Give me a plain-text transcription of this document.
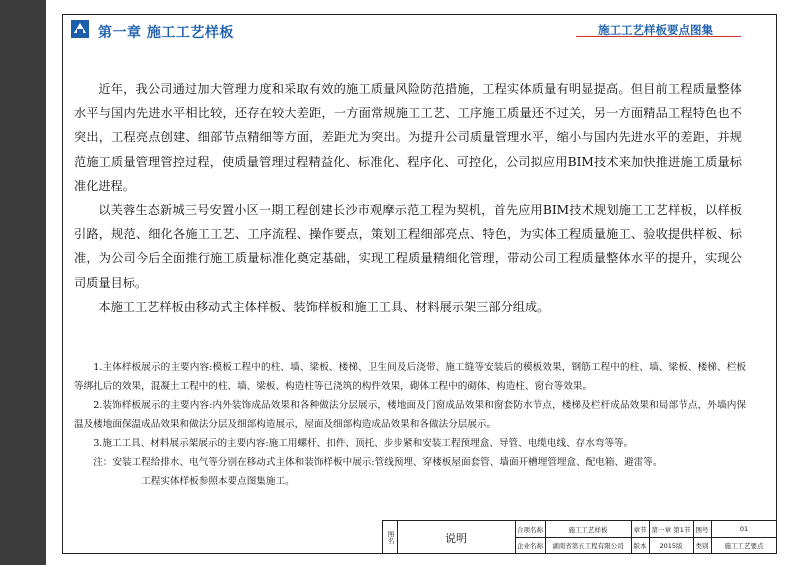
第一章 施工工艺样板	施工工艺样板要点图集

近年，我公司通过加大管理力度和采取有效的施工质量风险防范措施，工程实体质量有明显提高。但目前工程质量整体水平与国内先进水平相比较，还存在较大差距，一方面常规施工工艺、工序施工质量还不过关，另一方面精品工程特色也不突出，工程亮点创建、细部节点精细等方面，差距尤为突出。为提升公司质量管理水平，缩小与国内先进水平的差距，并规范施工质量管理管控过程，使质量管理过程精益化、标准化、程序化、可控化，公司拟应用BIM技术来加快推进施工质量标准化进程。

以芙蓉生态新城三号安置小区一期工程创建长沙市观摩示范工程为契机，首先应用BIM技术规划施工工艺样板，以样板引路，规范、细化各施工工艺、工序流程、操作要点，策划工程细部亮点、特色，为实体工程质量施工、验收提供样板、标准，为公司今后全面推行施工质量标准化奠定基础，实现工程质量精细化管理，带动公司工程质量整体水平的提升，实现公司质量目标。

本施工工艺样板由移动式主体样板、装饰样板和施工工具、材料展示架三部分组成。

1.主体样板展示的主要内容:模板工程中的柱、墙、梁板、楼梯、卫生间及后浇带、施工缝等安装后的模板效果，钢筋工程中的柱、墙、梁板、楼梯、栏板等绑扎后的效果，混凝土工程中的柱、墙、梁板、构造柱等已浇筑的构件效果，砌体工程中的砌体、构造柱、窗台等效果。

2.装饰样板展示的主要内容:内外装饰成品效果和各种做法分层展示，楼地面及门窗成品效果和窗套防水节点，楼梯及栏杆成品效果和局部节点，外墙内保温及楼地面保温成品效果和做法分层及细部构造展示，屋面及细部构造成品效果和各做法分层展示。

3.施工工具、材料展示架展示的主要内容:施工用螺杆、扣件、顶托、步步紧和安装工程预埋盒、导管、电缆电线、存水弯等等。

注：安装工程给排水、电气等分别在移动式主体和装饰样板中展示:管线预埋、穿楼板屋面套管、墙面开槽埋管埋盒、配电箱、避雷等。

工程实体样板参照本要点图集施工。

图名	说明
合项名称
企业名称
施工工艺样板
湖南省第五工程有限公司
章节
版本
第一章 第1节
2015版
图号
类别
01
施工工艺要点
